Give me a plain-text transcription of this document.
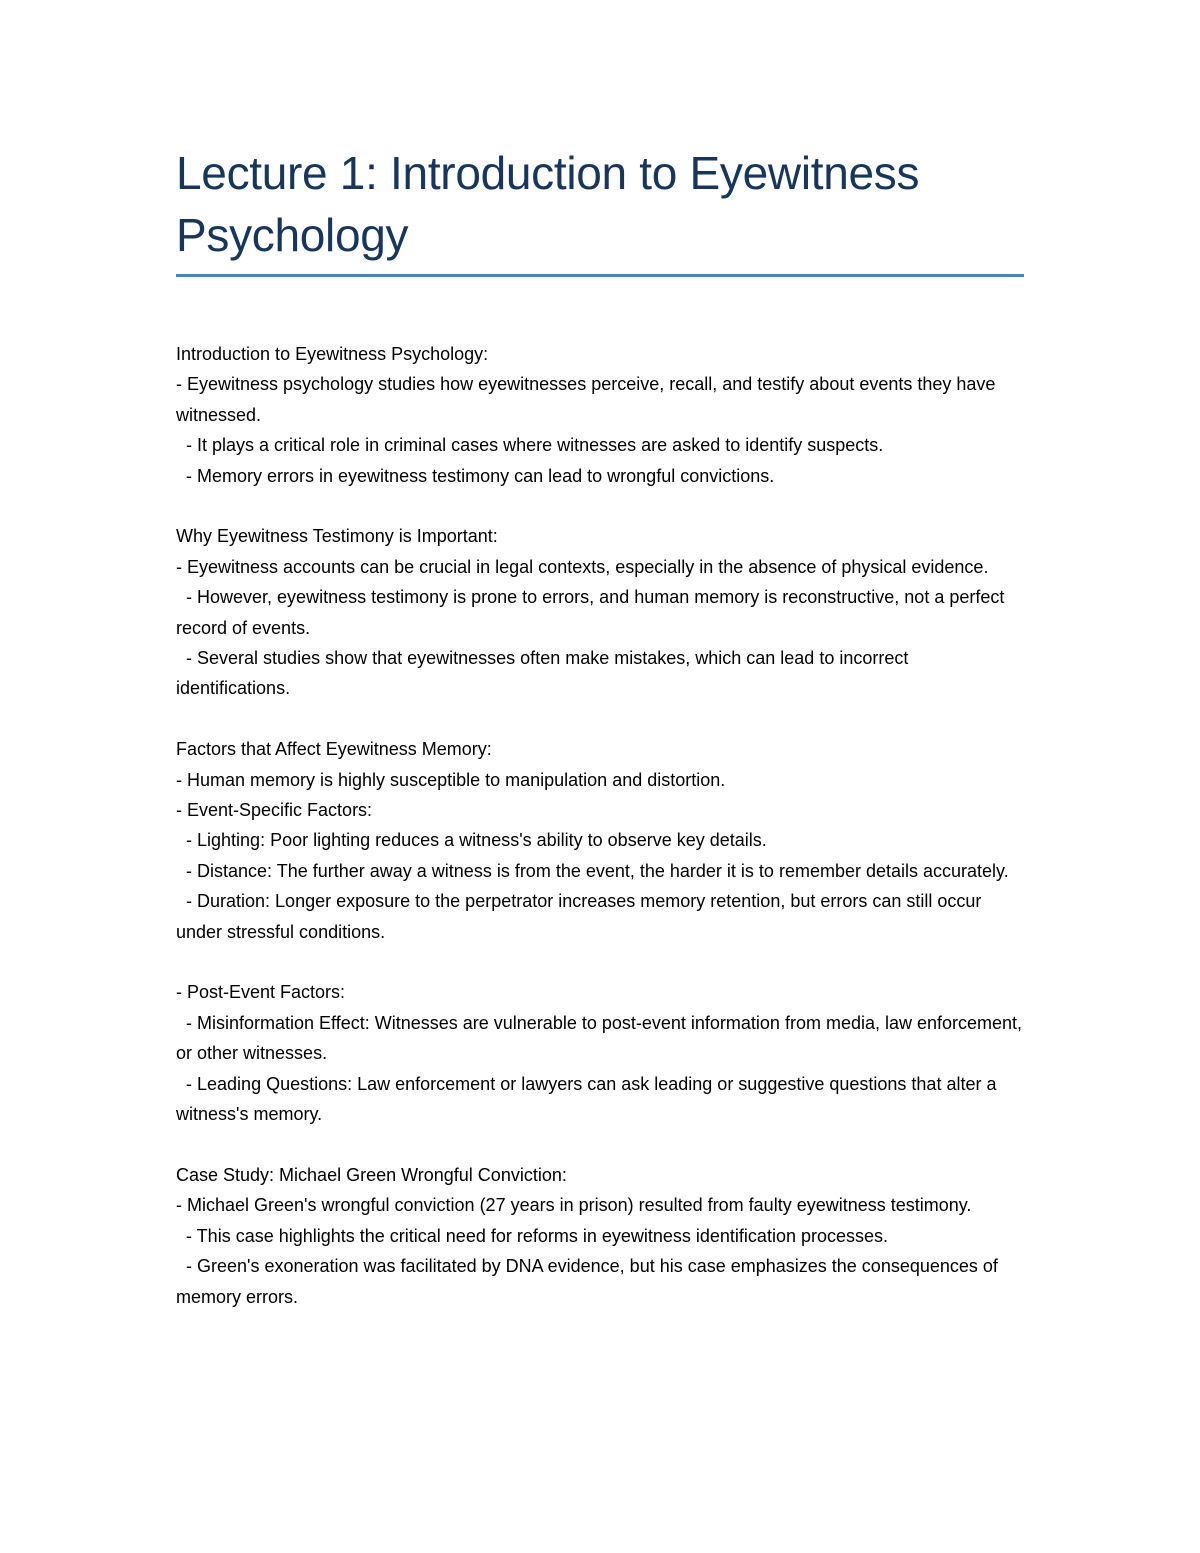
Lecture 1: Introduction to Eyewitness Psychology

Introduction to Eyewitness Psychology:

- Eyewitness psychology studies how eyewitnesses perceive, recall, and testify about events they have witnessed.

- It plays a critical role in criminal cases where witnesses are asked to identify suspects.

- Memory errors in eyewitness testimony can lead to wrongful convictions.

Why Eyewitness Testimony is Important:

- Eyewitness accounts can be crucial in legal contexts, especially in the absence of physical evidence.

- However, eyewitness testimony is prone to errors, and human memory is reconstructive, not a perfect record of events.

- Several studies show that eyewitnesses often make mistakes, which can lead to incorrect identifications.

Factors that Affect Eyewitness Memory:

- Human memory is highly susceptible to manipulation and distortion.

- Event-Specific Factors:

- Lighting: Poor lighting reduces a witness's ability to observe key details.

- Distance: The further away a witness is from the event, the harder it is to remember details accurately.

- Duration: Longer exposure to the perpetrator increases memory retention, but errors can still occur under stressful conditions.

- Post-Event Factors:

- Misinformation Effect: Witnesses are vulnerable to post-event information from media, law enforcement, or other witnesses.

- Leading Questions: Law enforcement or lawyers can ask leading or suggestive questions that alter a witness's memory.

Case Study: Michael Green Wrongful Conviction:

- Michael Green's wrongful conviction (27 years in prison) resulted from faulty eyewitness testimony.

- This case highlights the critical need for reforms in eyewitness identification processes.

- Green's exoneration was facilitated by DNA evidence, but his case emphasizes the consequences of memory errors.
